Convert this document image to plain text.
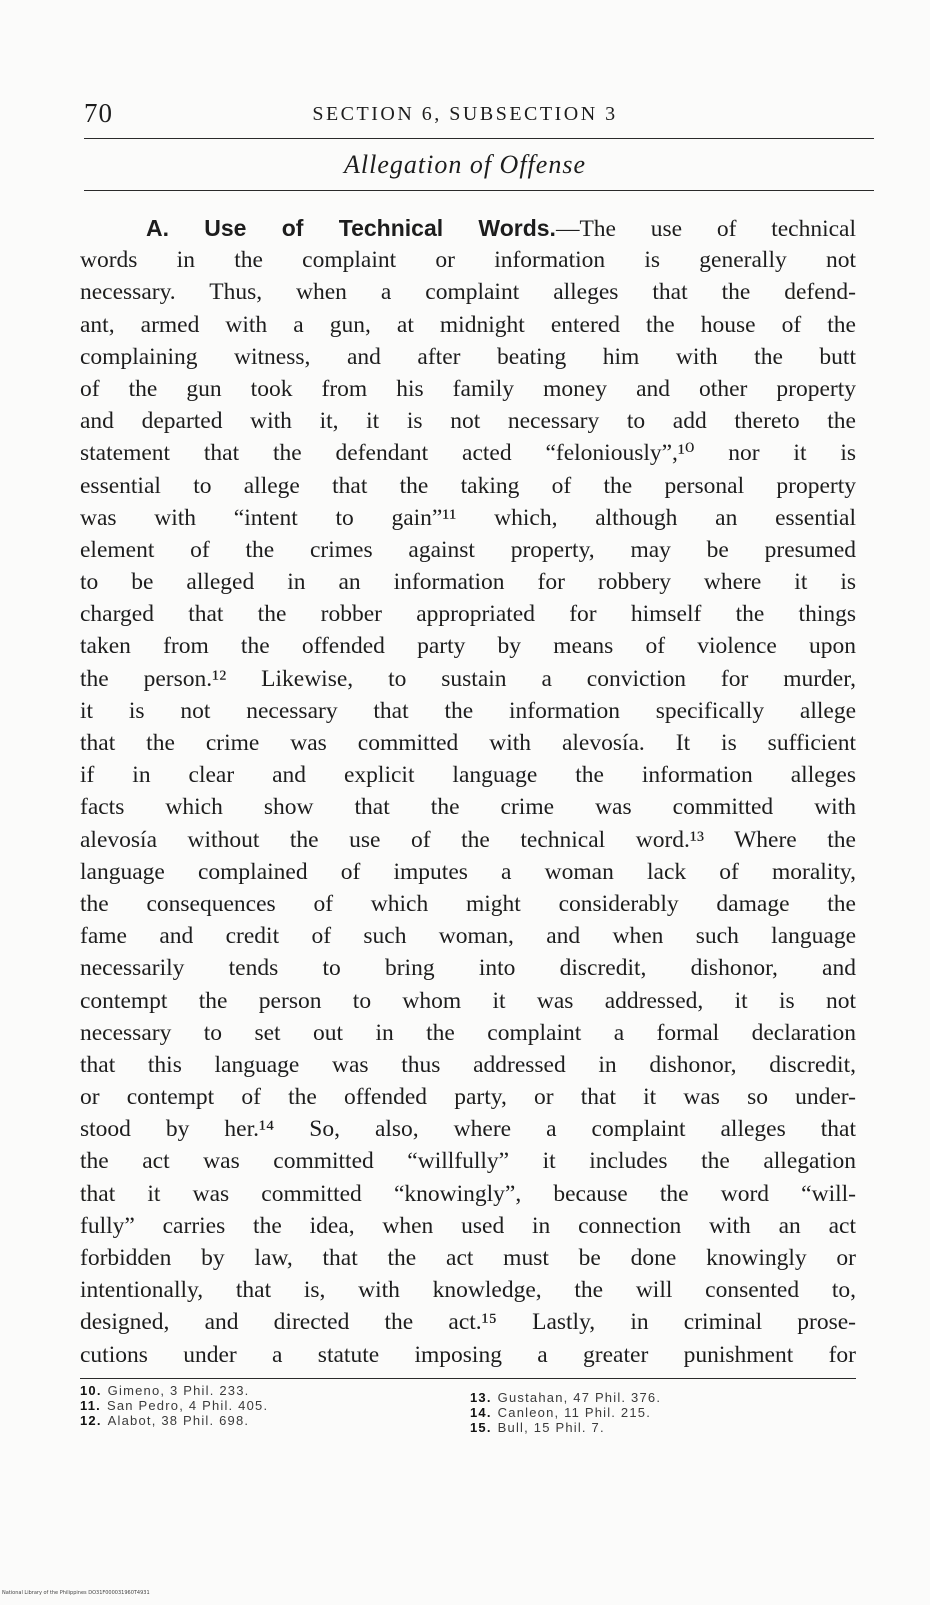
70	SECTION 6, SUBSECTION 3
Allegation of Offense
A. Use of Technical Words.—The use of technical
words in the complaint or information is generally not
necessary. Thus, when a complaint alleges that the defend-
ant, armed with a gun, at midnight entered the house of the
complaining witness, and after beating him with the butt
of the gun took from his family money and other property
and departed with it, it is not necessary to add thereto the
statement that the defendant acted “feloniously”,¹⁰ nor it is
essential to allege that the taking of the personal property
was with “intent to gain”¹¹ which, although an essential
element of the crimes against property, may be presumed
to be alleged in an information for robbery where it is
charged that the robber appropriated for himself the things
taken from the offended party by means of violence upon
the person.¹² Likewise, to sustain a conviction for murder,
it is not necessary that the information specifically allege
that the crime was committed with alevosía. It is sufficient
if in clear and explicit language the information alleges
facts which show that the crime was committed with
alevosía without the use of the technical word.¹³ Where the
language complained of imputes a woman lack of morality,
the consequences of which might considerably damage the
fame and credit of such woman, and when such language
necessarily tends to bring into discredit, dishonor, and
contempt the person to whom it was addressed, it is not
necessary to set out in the complaint a formal declaration
that this language was thus addressed in dishonor, discredit,
or contempt of the offended party, or that it was so under-
stood by her.¹⁴ So, also, where a complaint alleges that
the act was committed “willfully” it includes the allegation
that it was committed “knowingly”, because the word “will-
fully” carries the idea, when used in connection with an act
forbidden by law, that the act must be done knowingly or
intentionally, that is, with knowledge, the will consented to,
designed, and directed the act.¹⁵ Lastly, in criminal prose-
cutions under a statute imposing a greater punishment for
10. Gimeno, 3 Phil. 233.
11. San Pedro, 4 Phil. 405.
12. Alabot, 38 Phil. 698.
13. Gustahan, 47 Phil. 376.
14. Canleon, 11 Phil. 215.
15. Bull, 15 Phil. 7.
National Library of the Philippines DO31F000031960T4931
